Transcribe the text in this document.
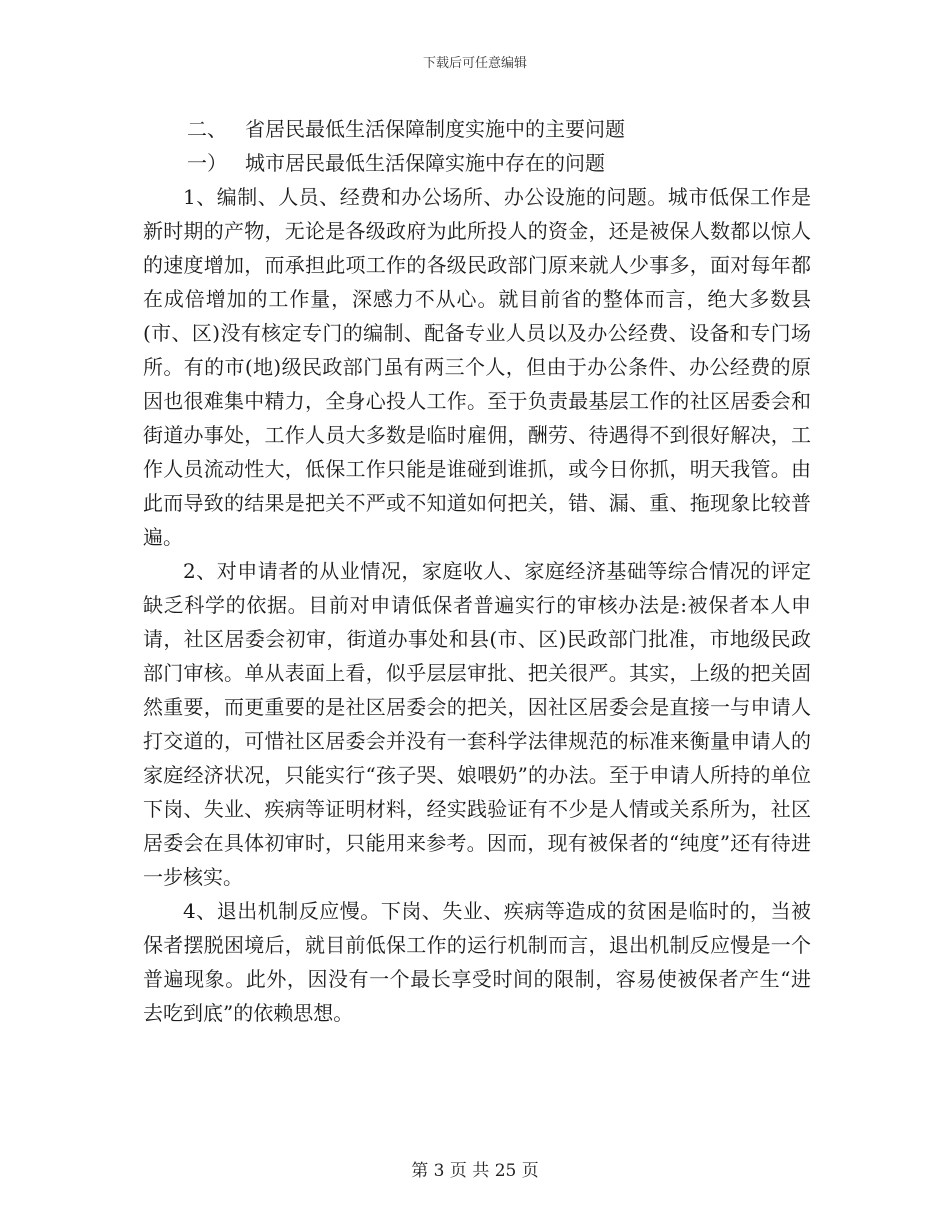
下载后可任意编辑

二、 省居民最低生活保障制度实施中的主要问题

一） 城市居民最低生活保障实施中存在的问题

1、编制、人员、经费和办公场所、办公设施的问题。城市低保工作是新时期的产物，无论是各级政府为此所投人的资金，还是被保人数都以惊人的速度增加，而承担此项工作的各级民政部门原来就人少事多，面对每年都在成倍增加的工作量，深感力不从心。就目前省的整体而言，绝大多数县(市、区)没有核定专门的编制、配备专业人员以及办公经费、设备和专门场所。有的市(地)级民政部门虽有两三个人，但由于办公条件、办公经费的原因也很难集中精力，全身心投人工作。至于负责最基层工作的社区居委会和街道办事处，工作人员大多数是临时雇佣，酬劳、待遇得不到很好解决，工作人员流动性大，低保工作只能是谁碰到谁抓，或今日你抓，明天我管。由此而导致的结果是把关不严或不知道如何把关，错、漏、重、拖现象比较普遍。

2、对申请者的从业情况，家庭收人、家庭经济基础等综合情况的评定缺乏科学的依据。目前对申请低保者普遍实行的审核办法是:被保者本人申请，社区居委会初审，街道办事处和县(市、区)民政部门批准，市地级民政部门审核。单从表面上看，似乎层层审批、把关很严。其实，上级的把关固然重要，而更重要的是社区居委会的把关，因社区居委会是直接一与申请人打交道的，可惜社区居委会并没有一套科学法律规范的标准来衡量申请人的家庭经济状况，只能实行“孩子哭、娘喂奶”的办法。至于申请人所持的单位下岗、失业、疾病等证明材料，经实践验证有不少是人情或关系所为，社区居委会在具体初审时，只能用来参考。因而，现有被保者的“纯度”还有待进一步核实。

4、退出机制反应慢。下岗、失业、疾病等造成的贫困是临时的，当被保者摆脱困境后，就目前低保工作的运行机制而言，退出机制反应慢是一个普遍现象。此外，因没有一个最长享受时间的限制，容易使被保者产生“进去吃到底”的依赖思想。

第 3 页 共 25 页
